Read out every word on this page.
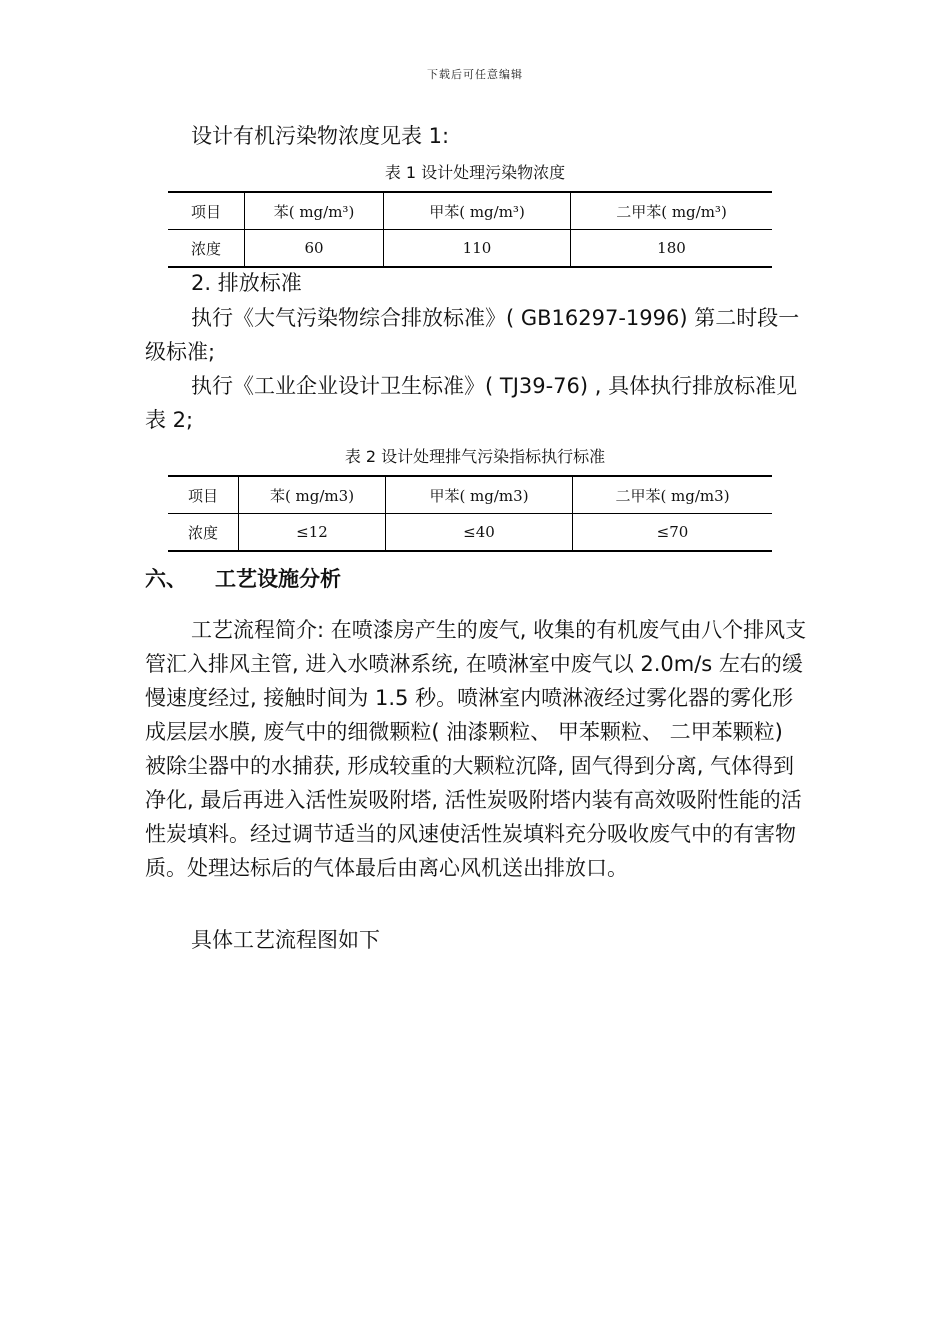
下载后可任意编辑
设计有机污染物浓度见表 1:
表 1 设计处理污染物浓度
项目	苯( mg/m³)	甲苯( mg/m³)	二甲苯( mg/m³)
浓度	60	110	180
2. 排放标准
执行《大气污染物综合排放标准》( GB16297-1996) 第二时段一级标准;
执行《工业企业设计卫生标准》( TJ39-76) , 具体执行排放标准见表 2;
表 2 设计处理排气污染指标执行标准
项目	苯( mg/m3)	甲苯( mg/m3)	二甲苯( mg/m3)
浓度	≤12	≤40	≤70
六、 工艺设施分析
工艺流程简介: 在喷漆房产生的废气, 收集的有机废气由八个排风支管汇入排风主管, 进入水喷淋系统, 在喷淋室中废气以 2.0m/s 左右的缓慢速度经过, 接触时间为 1.5 秒。喷淋室内喷淋液经过雾化器的雾化形成层层水膜, 废气中的细微颗粒( 油漆颗粒、 甲苯颗粒、 二甲苯颗粒) 被除尘器中的水捕获, 形成较重的大颗粒沉降, 固气得到分离, 气体得到净化, 最后再进入活性炭吸附塔, 活性炭吸附塔内装有高效吸附性能的活性炭填料。经过调节适当的风速使活性炭填料充分吸收废气中的有害物质。处理达标后的气体最后由离心风机送出排放口。
具体工艺流程图如下
